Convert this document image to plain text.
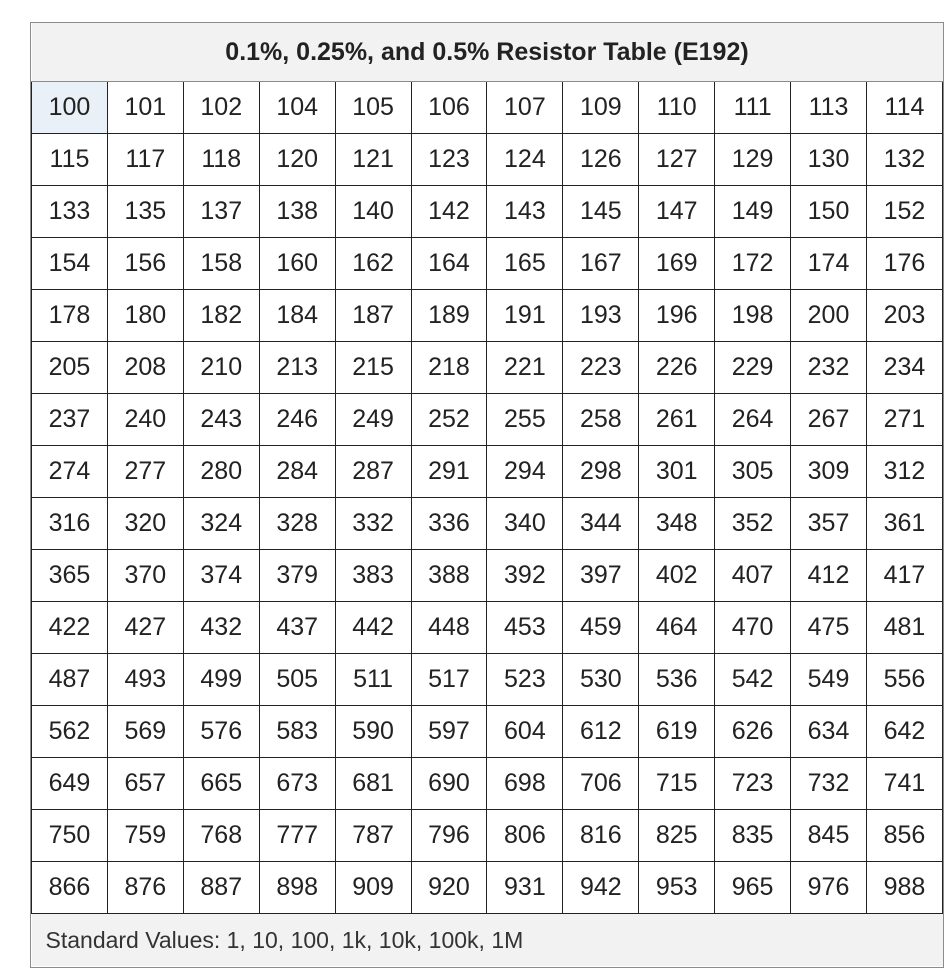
0.1%, 0.25%, and 0.5% Resistor Table (E192)											
100	101	102	104	105	106	107	109	110	111	113	114
115	117	118	120	121	123	124	126	127	129	130	132
133	135	137	138	140	142	143	145	147	149	150	152
154	156	158	160	162	164	165	167	169	172	174	176
178	180	182	184	187	189	191	193	196	198	200	203
205	208	210	213	215	218	221	223	226	229	232	234
237	240	243	246	249	252	255	258	261	264	267	271
274	277	280	284	287	291	294	298	301	305	309	312
316	320	324	328	332	336	340	344	348	352	357	361
365	370	374	379	383	388	392	397	402	407	412	417
422	427	432	437	442	448	453	459	464	470	475	481
487	493	499	505	511	517	523	530	536	542	549	556
562	569	576	583	590	597	604	612	619	626	634	642
649	657	665	673	681	690	698	706	715	723	732	741
750	759	768	777	787	796	806	816	825	835	845	856
866	876	887	898	909	920	931	942	953	965	976	988
Standard Values: 1, 10, 100, 1k, 10k, 100k, 1M											
